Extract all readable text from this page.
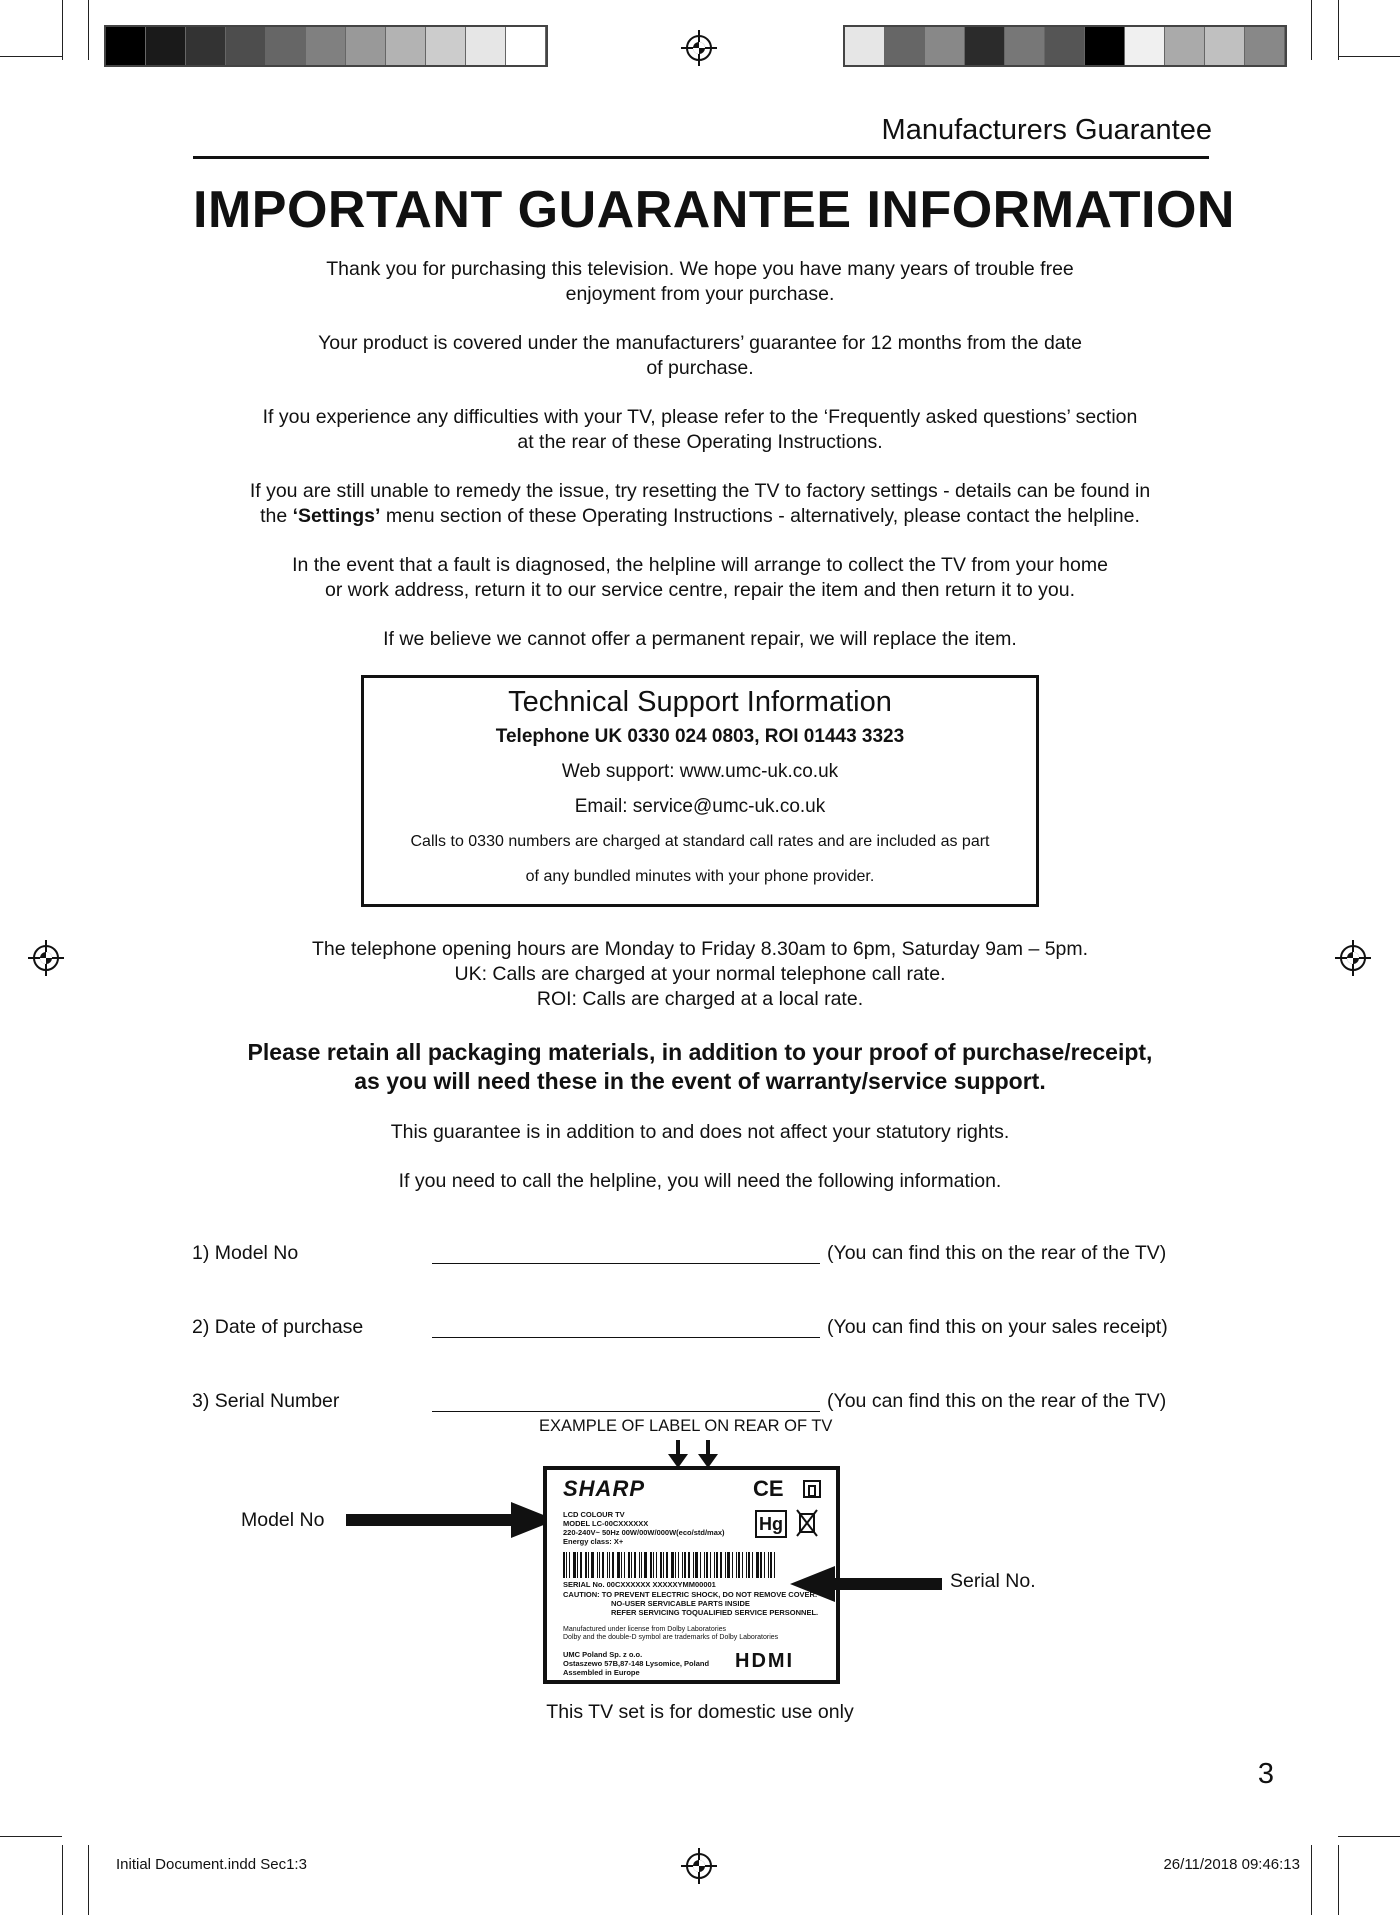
Manufacturers Guarantee
IMPORTANT GUARANTEE INFORMATION
Thank you for purchasing this television. We hope you have many years of trouble free
enjoyment from your purchase.
Your product is covered under the manufacturers’ guarantee for 12 months from the date
of purchase.
If you experience any difficulties with your TV, please refer to the ‘Frequently asked questions’ section
at the rear of these Operating Instructions.
If you are still unable to remedy the issue, try resetting the TV to factory settings - details can be found in
the ‘Settings’ menu section of these Operating Instructions - alternatively, please contact the helpline.
In the event that a fault is diagnosed, the helpline will arrange to collect the TV from your home
or work address, return it to our service centre, repair the item and then return it to you.
If we believe we cannot offer a permanent repair, we will replace the item.
Technical Support Information
Telephone UK 0330 024 0803, ROI 01443 3323
Web support: www.umc-uk.co.uk
Email: service@umc-uk.co.uk
Calls to 0330 numbers are charged at standard call rates and are included as part
of any bundled minutes with your phone provider.
The telephone opening hours are Monday to Friday 8.30am to 6pm, Saturday 9am – 5pm.
UK: Calls are charged at your normal telephone call rate.
ROI: Calls are charged at a local rate.
Please retain all packaging materials, in addition to your proof of purchase/receipt,
as you will need these in the event of warranty/service support.
This guarantee is in addition to and does not affect your statutory rights.
If you need to call the helpline, you will need the following information.
1) Model No	(You can find this on the rear of the TV)
2) Date of purchase	(You can find this on your sales receipt)
3) Serial Number	(You can find this on the rear of the TV)
EXAMPLE OF LABEL ON REAR OF TV
Model No
SHARP	CE
LCD COLOUR TV
MODEL LC-00CXXXXXX
220-240V~ 50Hz 00W/00W/000W(eco/std/max)
Energy class: X+
Hg
SERIAL No. 00CXXXXXX XXXXXYMM00001
CAUTION: TO PREVENT ELECTRIC SHOCK, DO NOT REMOVE COVER.
NO-USER SERVICABLE PARTS INSIDE
REFER SERVICING TOQUALIFIED SERVICE PERSONNEL.
Manufactured under license from Dolby Laboratories
Dolby and the double-D symbol are trademarks of Dolby Laboratories
UMC Poland Sp. z o.o.
Ostaszewo 57B,87-148 Lysomice, Poland
Assembled in Europe
HDMI
Serial No.
This TV set is for domestic use only
3
Initial Document.indd Sec1:3	26/11/2018 09:46:13
